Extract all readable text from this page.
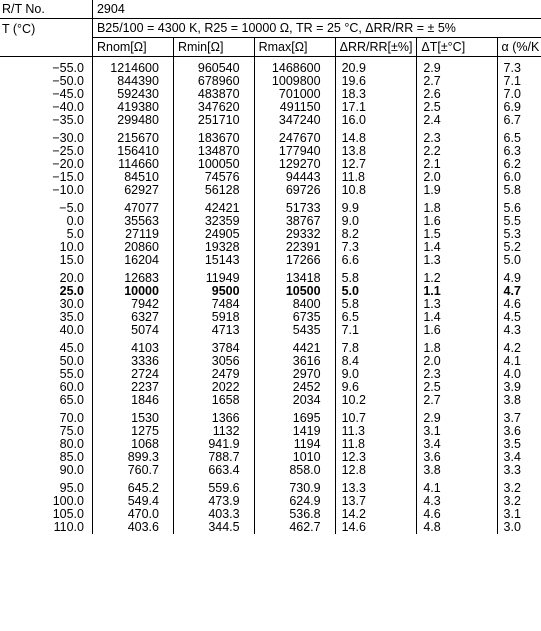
R/T No.	2904					
T (°C)	B25/100 = 4300 K, R25 = 10000 Ω, TR = 25 °C, ΔRR/RR = ± 5%					
	Rnom[Ω]	Rmin[Ω]	Rmax[Ω]	ΔRR/RR[±%]	ΔT[±°C]	α (%/K

−55.0	1214600	960540	1468600	20.9	2.9	7.3
−50.0	844390	678960	1009800	19.6	2.7	7.1
−45.0	592430	483870	701000	18.3	2.6	7.0
−40.0	419380	347620	491150	17.1	2.5	6.9
−35.0	299480	251710	347240	16.0	2.4	6.7

−30.0	215670	183670	247670	14.8	2.3	6.5
−25.0	156410	134870	177940	13.8	2.2	6.3
−20.0	114660	100050	129270	12.7	2.1	6.2
−15.0	84510	74576	94443	11.8	2.0	6.0
−10.0	62927	56128	69726	10.8	1.9	5.8

−5.0	47077	42421	51733	9.9	1.8	5.6
0.0	35563	32359	38767	9.0	1.6	5.5
5.0	27119	24905	29332	8.2	1.5	5.3
10.0	20860	19328	22391	7.3	1.4	5.2
15.0	16204	15143	17266	6.6	1.3	5.0

20.0	12683	11949	13418	5.8	1.2	4.9
25.0	10000	9500	10500	5.0	1.1	4.7
30.0	7942	7484	8400	5.8	1.3	4.6
35.0	6327	5918	6735	6.5	1.4	4.5
40.0	5074	4713	5435	7.1	1.6	4.3

45.0	4103	3784	4421	7.8	1.8	4.2
50.0	3336	3056	3616	8.4	2.0	4.1
55.0	2724	2479	2970	9.0	2.3	4.0
60.0	2237	2022	2452	9.6	2.5	3.9
65.0	1846	1658	2034	10.2	2.7	3.8

70.0	1530	1366	1695	10.7	2.9	3.7
75.0	1275	1132	1419	11.3	3.1	3.6
80.0	1068	941.9	1194	11.8	3.4	3.5
85.0	899.3	788.7	1010	12.3	3.6	3.4
90.0	760.7	663.4	858.0	12.8	3.8	3.3

95.0	645.2	559.6	730.9	13.3	4.1	3.2
100.0	549.4	473.9	624.9	13.7	4.3	3.2
105.0	470.0	403.3	536.8	14.2	4.6	3.1
110.0	403.6	344.5	462.7	14.6	4.8	3.0
